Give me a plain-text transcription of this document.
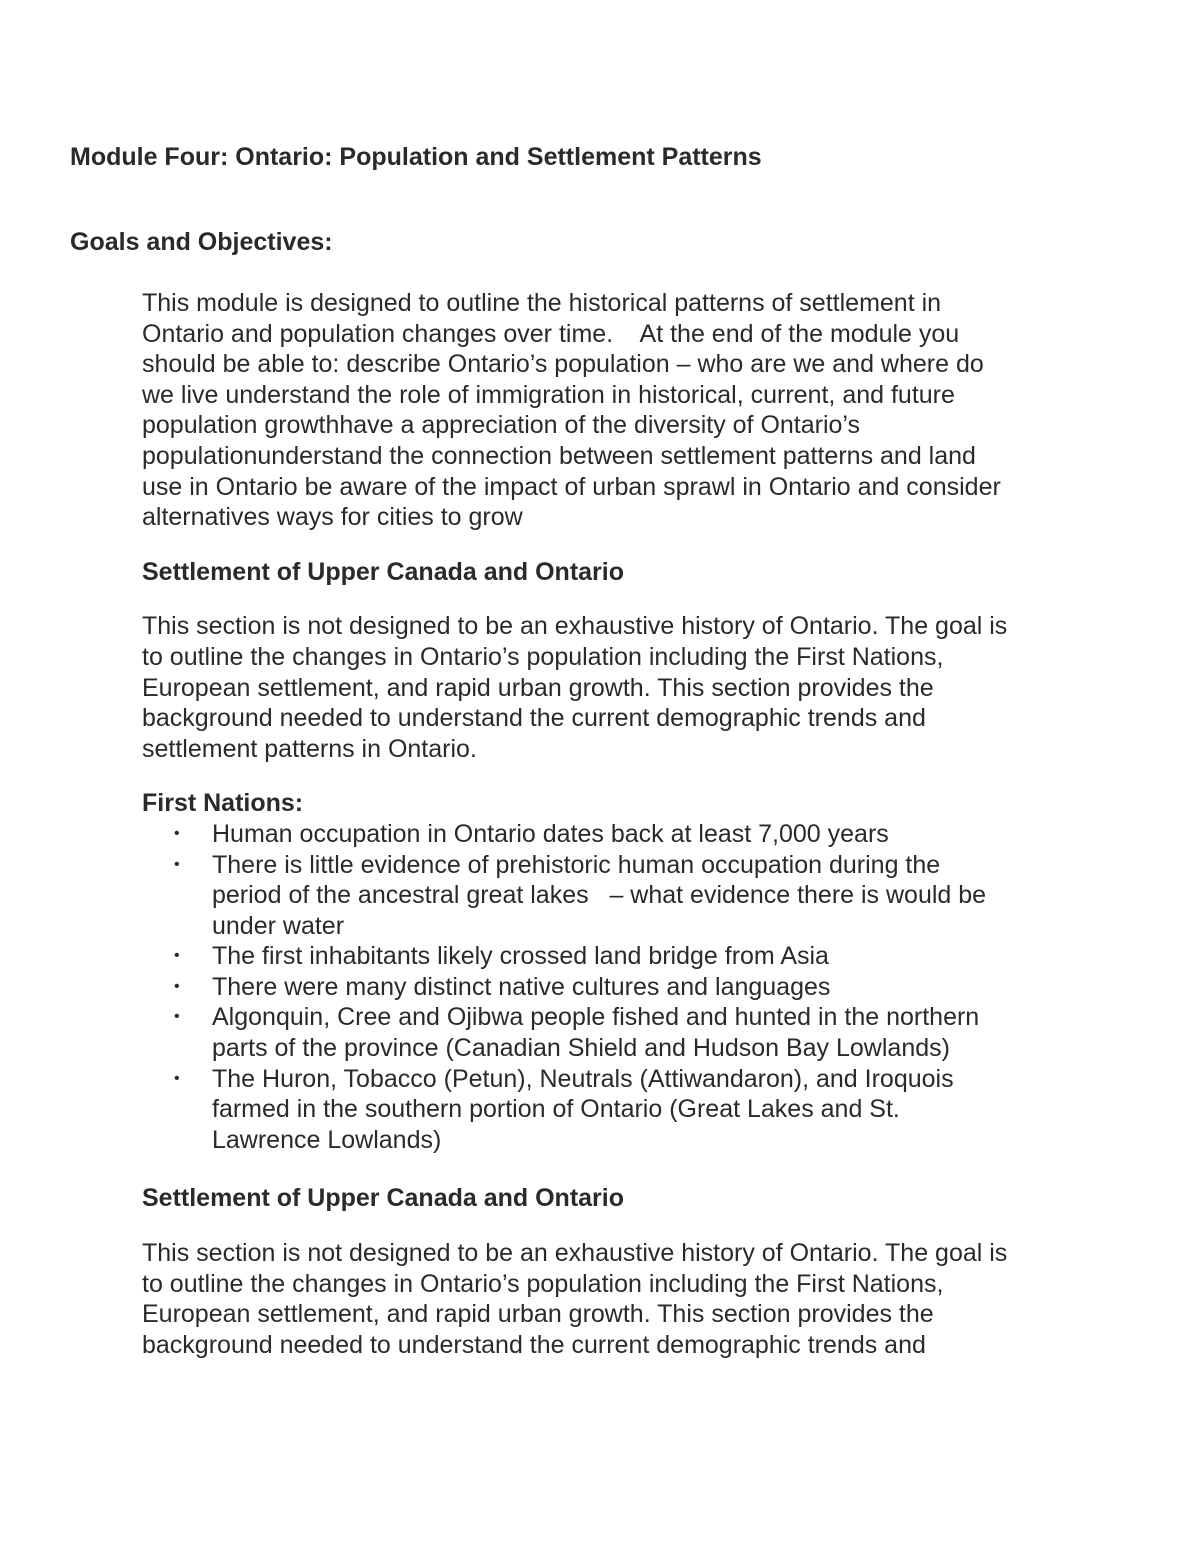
Module Four: Ontario: Population and Settlement Patterns
Goals and Objectives:

This module is designed to outline the historical patterns of settlement in
Ontario and population changes over time.    At the end of the module you
should be able to: describe Ontario’s population – who are we and where do
we live understand the role of immigration in historical, current, and future
population growthhave a appreciation of the diversity of Ontario’s
populationunderstand the connection between settlement patterns and land
use in Ontario be aware of the impact of urban sprawl in Ontario and consider
alternatives ways for cities to grow

Settlement of Upper Canada and Ontario

This section is not designed to be an exhaustive history of Ontario. The goal is
to outline the changes in Ontario’s population including the First Nations,
European settlement, and rapid urban growth. This section provides the
background needed to understand the current demographic trends and
settlement patterns in Ontario.

First Nations:
• Human occupation in Ontario dates back at least 7,000 years
• There is little evidence of prehistoric human occupation during the
period of the ancestral great lakes   – what evidence there is would be
under water
• The first inhabitants likely crossed land bridge from Asia
• There were many distinct native cultures and languages
• Algonquin, Cree and Ojibwa people fished and hunted in the northern
parts of the province (Canadian Shield and Hudson Bay Lowlands)
• The Huron, Tobacco (Petun), Neutrals (Attiwandaron), and Iroquois
farmed in the southern portion of Ontario (Great Lakes and St.
Lawrence Lowlands)
Settlement of Upper Canada and Ontario

This section is not designed to be an exhaustive history of Ontario. The goal is
to outline the changes in Ontario’s population including the First Nations,
European settlement, and rapid urban growth. This section provides the
background needed to understand the current demographic trends and
